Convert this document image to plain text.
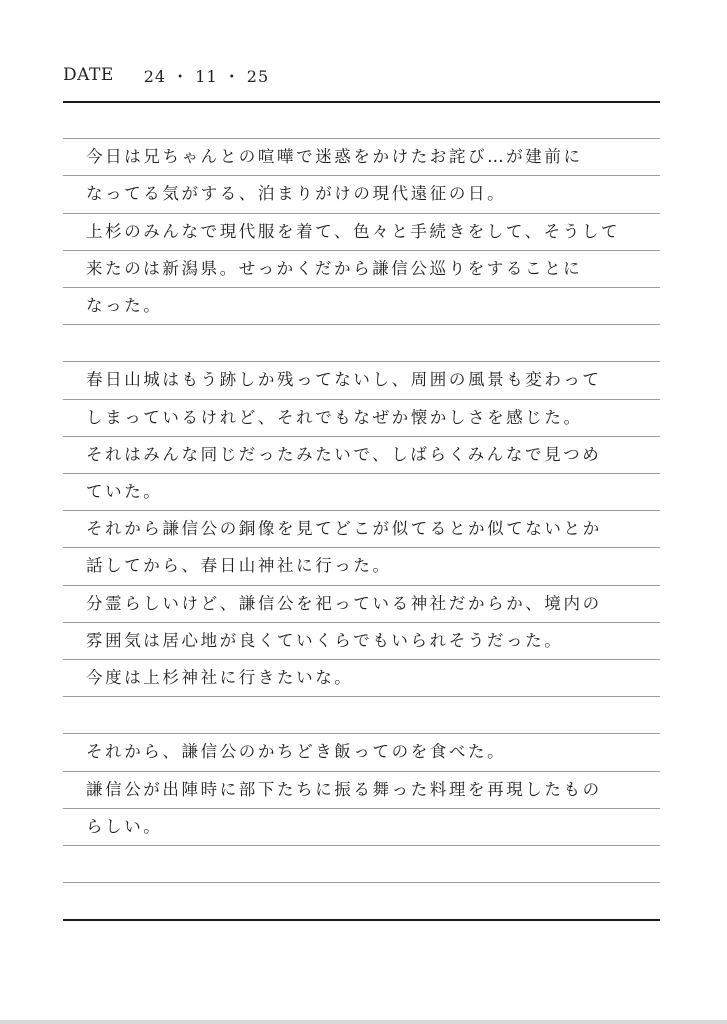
DATE 24 ・ 11 ・ 25
今日は兄ちゃんとの喧嘩で迷惑をかけたお詫び…が建前に
なってる気がする、泊まりがけの現代遠征の日。
上杉のみんなで現代服を着て、色々と手続きをして、そうして
来たのは新潟県。せっかくだから謙信公巡りをすることに
なった。
春日山城はもう跡しか残ってないし、周囲の風景も変わって
しまっているけれど、それでもなぜか懐かしさを感じた。
それはみんな同じだったみたいで、しばらくみんなで見つめ
ていた。
それから謙信公の銅像を見てどこが似てるとか似てないとか
話してから、春日山神社に行った。
分霊らしいけど、謙信公を祀っている神社だからか、境内の
雰囲気は居心地が良くていくらでもいられそうだった。
今度は上杉神社に行きたいな。
それから、謙信公のかちどき飯ってのを食べた。
謙信公が出陣時に部下たちに振る舞った料理を再現したもの
らしい。
